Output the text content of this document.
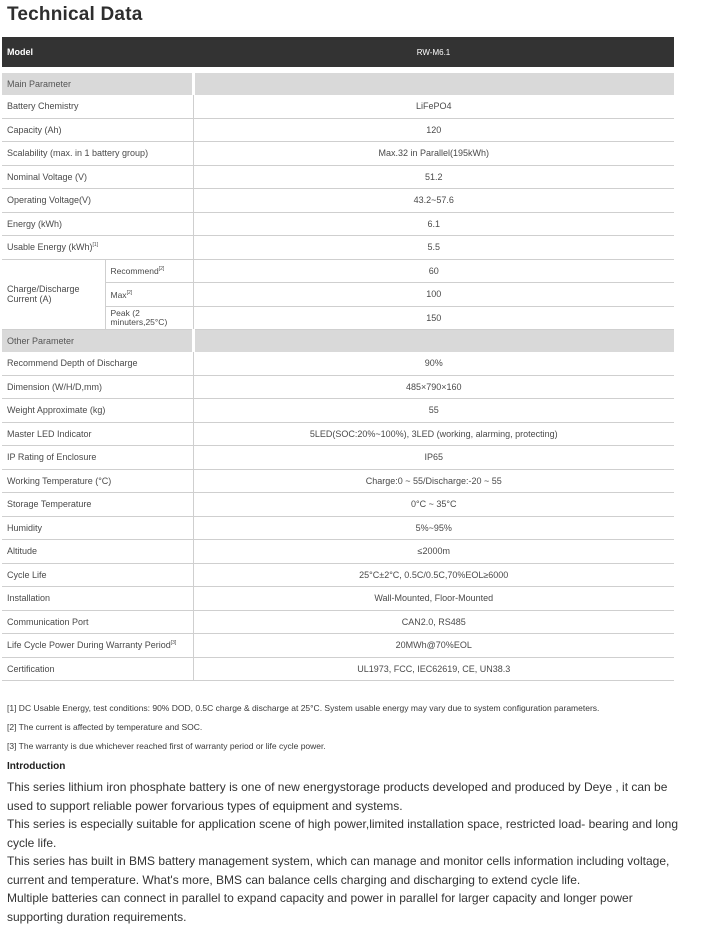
Technical Data
Model		RW-M6.1

Main Parameter		
Battery Chemistry		LiFePO4
Capacity (Ah)		120
Scalability (max. in 1 battery group)		Max.32 in Parallel(195kWh)
Nominal Voltage (V)		51.2
Operating Voltage(V)		43.2~57.6
Energy (kWh)		6.1
Usable Energy (kWh)[1]		5.5
Charge/Discharge Current (A)	Recommend[2]	60
	Max[2]	100
	Peak (2 minuters,25°C)	150
Other Parameter		
Recommend Depth of Discharge		90%
Dimension (W/H/D,mm)		485×790×160
Weight Approximate (kg)		55
Master LED Indicator		5LED(SOC:20%~100%), 3LED (working, alarming, protecting)
IP Rating of Enclosure		IP65
Working Temperature (°C)		Charge:0 ~ 55/Discharge:-20 ~ 55
Storage Temperature		0°C ~ 35°C
Humidity		5%~95%
Altitude		≤2000m
Cycle Life		25°C±2°C, 0.5C/0.5C,70%EOL≥6000
Installation		Wall-Mounted, Floor-Mounted
Communication Port		CAN2.0, RS485
Life Cycle Power During Warranty Period[3]		20MWh@70%EOL
Certification		UL1973, FCC, IEC62619, CE, UN38.3
[1] DC Usable Energy, test conditions: 90% DOD, 0.5C charge & discharge at 25°C. System usable energy may vary due to system configuration parameters.
[2] The current is affected by temperature and SOC.
[3] The warranty is due whichever reached first of warranty period or life cycle power.
Introduction

This series lithium iron phosphate battery is one of new energystorage products developed and produced by Deye , it can be used to support reliable power forvarious types of equipment and systems.

This series is especially suitable for application scene of high power,limited installation space, restricted load- bearing and long cycle life.

This series has built in BMS battery management system, which can manage and monitor cells information including voltage, current and temperature. What's more, BMS can balance cells charging and discharging to extend cycle life.

Multiple batteries can connect in parallel to expand capacity and power in parallel for larger capacity and longer power supporting duration requirements.
